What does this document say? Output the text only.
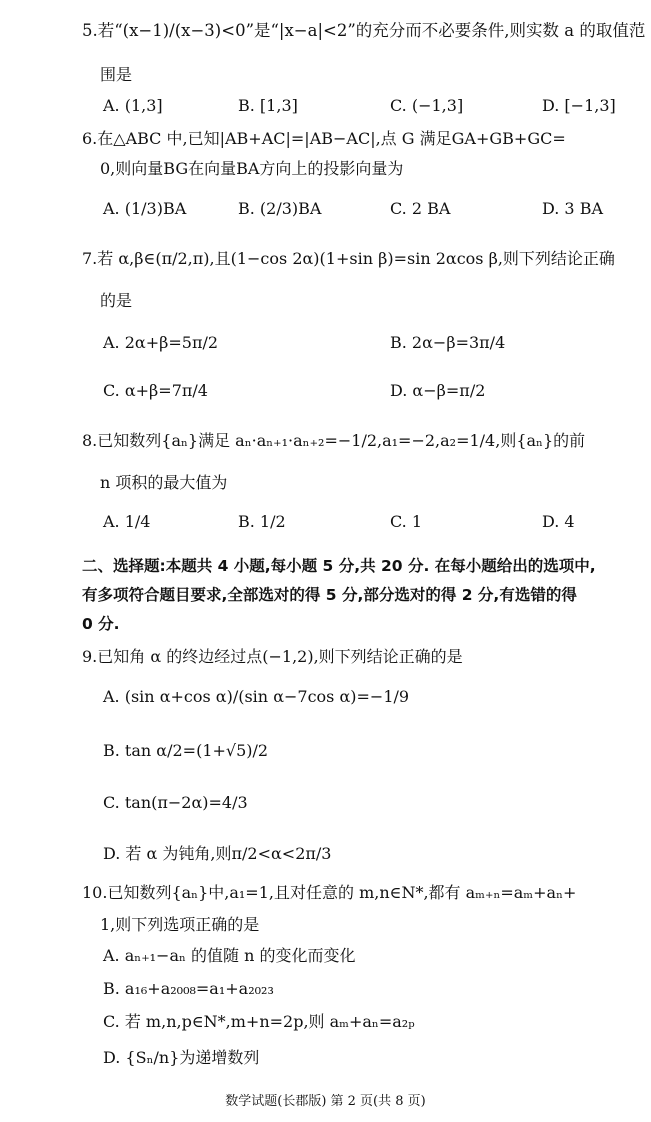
5.若“(x−1)/(x−3)<0”是“|x−a|<2”的充分而不必要条件,则实数 a 的取值范
围是
A. (1,3]	B. [1,3]	C. (−1,3]	D. [−1,3]
6.在△ABC 中,已知|AB+AC|=|AB−AC|,点 G 满足GA+GB+GC=
0,则向量BG在向量BA方向上的投影向量为
A. (1/3)BA	B. (2/3)BA	C. 2 BA	D. 3 BA
7.若 α,β∈(π/2,π),且(1−cos 2α)(1+sin β)=sin 2αcos β,则下列结论正确
的是
A. 2α+β=5π/2	B. 2α−β=3π/4
C. α+β=7π/4	D. α−β=π/2
8.已知数列{aₙ}满足 aₙ·aₙ₊₁·aₙ₊₂=−1/2,a₁=−2,a₂=1/4,则{aₙ}的前
n 项积的最大值为
A. 1/4	B. 1/2	C. 1	D. 4
二、选择题:本题共 4 小题,每小题 5 分,共 20 分. 在每小题给出的选项中,
有多项符合题目要求,全部选对的得 5 分,部分选对的得 2 分,有选错的得
0 分.
9.已知角 α 的终边经过点(−1,2),则下列结论正确的是
A. (sin α+cos α)/(sin α−7cos α)=−1/9
B. tan α/2=(1+√5)/2
C. tan(π−2α)=4/3
D. 若 α 为钝角,则π/2<α<2π/3
10.已知数列{aₙ}中,a₁=1,且对任意的 m,n∈N*,都有 aₘ₊ₙ=aₘ+aₙ+
1,则下列选项正确的是
A. aₙ₊₁−aₙ 的值随 n 的变化而变化
B. a₁₆+a₂₀₀₈=a₁+a₂₀₂₃
C. 若 m,n,p∈N*,m+n=2p,则 aₘ+aₙ=a₂ₚ
D. {Sₙ/n}为递增数列
数学试题(长郡版) 第 2 页(共 8 页)
